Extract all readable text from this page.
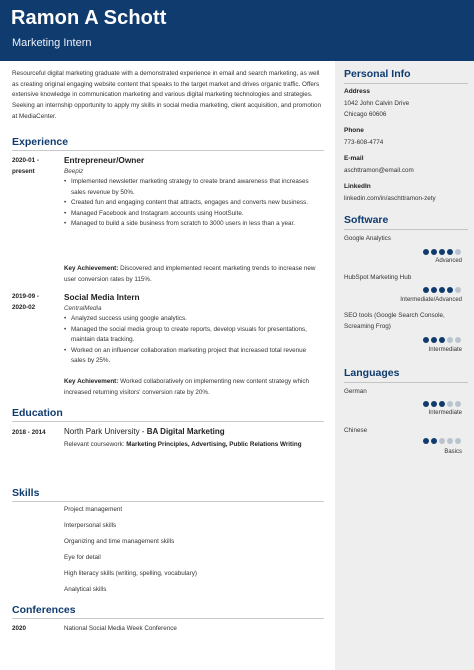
Ramon A Schott
Marketing Intern
Resourceful digital marketing graduate with a demonstrated experience in email and search marketing, as well as creating original engaging website content that speaks to the target market and drives organic traffic. Offers extensive knowledge in communication marketing and various digital marketing technologies and strategies. Seeking an internship opportunity to apply my skills in social media marketing, client acquisition, and promotion at MediaCenter.
Experience
2020-01 - present
Entrepreneur/Owner
Beepiz
• Implemented newsletter marketing strategy to create brand awareness that increases sales revenue by 50%.
• Created fun and engaging content that attracts, engages and converts new business.
• Managed Facebook and Instagram accounts using HootSuite.
• Managed to build a side business from scratch to 3000 users in less than a year.
Key Achievement: Discovered and implemented recent marketing trends to increase new user conversion rates by 115%.
2019-09 - 2020-02
Social Media Intern
CentralMedia
• Analyzed success using google analytics.
• Managed the social media group to create reports, develop visuals for presentations, maintain data tracking.
• Worked on an influencer collaboration marketing project that increased total revenue sales by 25%.
Key Achievement: Worked collaboratively on implementing new content strategy which increased returning visitors' conversion rate by 20%.
Education
2018 - 2014	North Park University - BA Digital Marketing
Relevant coursework: Marketing Principles, Advertising, Public Relations Writing
Skills
Project management
Interpersonal skills
Organizing and time management skills
Eye for detail
High literacy skills (writing, spelling, vocabulary)
Analytical skills
Conferences
2020	National Social Media Week Conference
Personal Info
Address
1042 John Calvin Drive
Chicago 60606
Phone
773-608-4774
E-mail
aschttramon@email.com
LinkedIn
linkedin.com/in/aschttramon-zety
Software
Google Analytics
Advanced
HubSpot Marketing Hub
Intermediate/Advanced
SEO tools (Google Search Console, Screaming Frog)
Intermediate
Languages
German
Intermediate
Chinese
Basics
